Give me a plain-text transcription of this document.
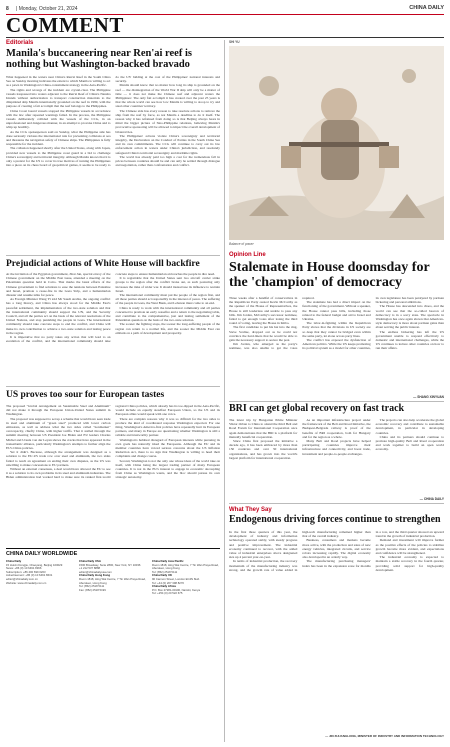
8 | Monday, October 21, 2024	CHINA DAILY
COMMENT
Editorials
Manila's buccaneering near Ren'ai reef is nothing but Washington-backed bravado

What happened in the waters near China's Ren'ai Reef in the South China Sea on Sunday morning indicates the extent to which Manila is willing to act as a pawn in Washington's China-containment strategy in the Asia-Pacific.

The rights and wrongs of the incident are crystal-clear. The Philippine vessels trespassed into waters adjacent to the Ren'ai Reef of China's Nansha Islands without authorization to transport construction materials to the dilapidated ship Manila intentionally grounded on the reef in 1999, with the purpose of creating a fait accompli that the reef belongs to the Philippines.

China Coast Guard vessels stopped the Philippine vessels in accordance with the law after repeated warnings failed. In the process, the Philippine vessels deliberately collided with the vessels of the CCG, in an unprofessional and dangerous manner, in an attempt to provoke China and to whip up hostility.

As the CCG spokesperson said on Sunday, what the Philippine side has done seriously violates the international rule for preventing collisions at sea and threatens the navigation safety of Chinese ships. The Philippines is fully responsible for the incident.

The collusion happened shortly after the United States, along with Japan, provided new vessels to the Philippine coast guard in a bid to challenge China's sovereignty and territorial integrity. Although Manila knows that it is only a pretext for the US to cover its true motives of turning the Philippines into a piece on its chess board of geopolitical games, it seems to be ready to do the US' bidding at the cost of the Philippines' national interests and security.

Manila should know that no matter how long its ship is grounded on the reef — the disintegration of the World War II ship will only be a matter of time — it does not make the Chinese reef and adjacent waters the Philippines'. The only fait accompli it has created over the past 25 years is that the whole world can see how low Manila is willing to stoop to try and steal other countries' territory.

The Chinese side has every reason to take resolute actions to remove the ship from the reef by force, as not Manila a deadline to do it itself. The reason why it has refrained from doing so is that Beijing always bears in mind the bigger picture of Sino-Philippine relations, believing Manila's provocative sponsoring will be allowed to impact the overall development of bilateral ties.

The Philippines' actions violate China's sovereignty and territorial integrity, the Declaration on the Conduct of Parties in the South China Sea and its own commitments. The CCG will continue to carry out its law enforcement action in waters under China's jurisdiction, and resolutely safeguard China's territorial sovereignty and maritime rights.

The world has already paid too high a cost for the tremendous fall in prices between countries should be and can only be settled through dialogue and negotiation, rather than confrontation and conflict.

Prejudicial actions of White House will backfire

At the invitation of the Egyptian government, Zhai Jun, special envoy of the Chinese government on the Middle East issue, attended a meeting on the Palestinian question held in Cairo. That marks the latest efforts of the Chinese government to find solutions to ease the tensions between Palestine and Israel, promote a cease-fire in the Gaza Strip, and a humanitarian disaster and resume talks for peace.

As Foreign Minister Wang Yi told Mr Saudi Arabia, the ongoing conflict has a long history, and China has always stood for the Middle East's peaceful settlement, the implementation of the two-state solution and that the international community should support the UN, and the Security Council, and all the parties act on the basis of the relevant resolutions of the United Nations, and stop punishing the people in Gaza. The international community should take concrete steps to end the conflict, and China will make its own contribution to achieve a two-state solution and lasting peace in the region.

It is imperative that no party takes any action that will lead to an escalation of the conflict, and the international community should take concrete steps to ensure humanitarian aid reaches the people in dire need.

It is regrettable that the United States sent two aircraft carrier strike groups to the region after the conflict broke out, as such posturing only increases the risks of wider war. It should instead use its influence to restrain Israel.

The international community must put the people of the region first, and all those parties should act responsibly in the interest of peace. The suffering of the people in Gaza, the West Bank, and Lebanon must come to an end.

China is ready to work with the international community and all parties concerned to promote an early ceasefire and a return to the negotiating table, and contribute to the comprehensive, just and lasting settlement of the Palestinian question on the basis of the two-state solution.

The sooner the fighting stops, the sooner the long-suffering people of the region can return to a normal life, and the sooner the Middle East can embark on a path of development and prosperity.

US proves too sour for European tastes

The proposed "Global Arrangement on Sustainable Steel and Aluminum" did not make it through the European Union-United States summit in Washington.

The proposal was supposed to set up a scheme that would have seen trade in steel and aluminum of "green steel" produced with lower carbon emissions, as well as address what the two sides called "nonmarket" overcapacity, chiefly China, with higher tariffs. That it stalled through the summit meeting between US President Joe Biden and EU leaders Charles Michel and Ursula von der Leyen shows the cracks that have appeared in the transatlantic alliance, particularly Washington's attempts to further align the EU's China policies.

Yet it didn't. Because, although the arrangement was designed as a solution to the EU-US trade row over steel and aluminum, the two sides failed to reach an agreement on ending their own disputes, as the US was unwilling to make concessions to EU partners.

Without an external consensus, a deal would have allowed the EU to see it as a solution to its own problems in its steel and aluminum industries. The Biden administration had worked hard to make sure its ranked first-world regional China policies, which already has its toe-dipped in the Asia-Pacific, would include an equally steadfast European Union, so the US and its European allies would speak with one voice.

There are complex reasons why it was so difficult for the two sides to produce the kind of coordinated response Washington expected. For one thing, Washington's America-first policies have repeatedly hurt its European partners, and many in Europe are questioning whether Washington is still a reliable and trustworthy partner.

Washington's habitual disregard of European interests while pursuing its own goals has naturally irked the Europeans. Although the EU and its member countries have voiced serious concerns about the US Inflation Reduction Act, there is no sign that Washington is willing to heed their complaints and change course.

Second, Washington is not the only one whose ideas of the world take on itself, with China being the largest trading partner of many European countries. It is not in the EU's interest to engage in economic decoupling from China as Washington wants, and the bloc should pursue its own strategic autonomy.

CHINA DAILY WORLDWIDE
China Daily
15 Huixin Dongjie, Chaoyang, Beijing 100029
News: +86 (0) 10 6491 8366
Subscription: +86 400 699 0203
Advertisement: +86 (0) 10 6491 8631
editor@chinadaily.com.cn
Website: www.chinadaily.com.cn
China Daily USA
1500 Broadway, Suite 2800, New York, NY 10036
+1 212 537 8888
editor@chinadailyusa.com
China Daily Hong Kong
Room 1818, Hing Wai Centre, 7 Tin Wan Praya Road, Aberdeen, Hong Kong
Tel: (852) 2518 5111
Fax: (852) 2518 5199
China Daily Asia Pacific
Room 1818, Hing Wai Centre, 7 Tin Wan Praya Road, Aberdeen, Hong Kong
Tel: (852) 2518 5111
China Daily UK
90 Cannon Street, London EC4N 6HA
Tel: +44 (0) 207 398 8270
China Daily Africa
P.O. Box 27281-00100, Nairobi, Kenya
Tel: +254 (0) 20 522 675
SHI YU
Balance of power
Opinion Line
Stalemate in House doomsday for the 'champion' of democracy

Three weeks after a handful of conservatives in the Republican Party ousted Kevin McCarthy as the speaker of the House of Representatives, the House is still leaderless and unable to pass any bills. Jim Jordan, McCarthy's successor nominee, failed to get enough votes after losing the third round of voting, leaving the House in limbo.

The first candidate to put his hat into the ring, Steve Scalise, dropped out as he could not convince the hard-liners that he would be able to gain the necessary support to secure the post.

Jim Jordan, who emerged as the party's nominee, was also unable to get the votes required.

The stalemate has had a direct impact on the functioning of the government. Without a speaker, the House cannot pass bills, including those related to the federal budget and aid to Israel and Ukraine.

The labor-in-fighting within the Republican Party shows that the divisions in US society are so deep that they cannot be bridged even within the same party, let alone across party lines.

The conflict has exposed the dysfunction of American politics. While the US keeps promoting its political system as a model for other countries, its own legislature has been paralyzed by partisan bickering and personal ambitions.

The House has descended into chaos, and the world can see that the so-called beacon of democracy is in a sorry state. The spectacle in Washington has once again shown that American-style democracy is more about partisan gains than about serving the public interest.

The endless bickering has left the US government unable to respond effectively to domestic and international challenges, while the US continues to lecture other countries on how to run their affairs.

— SHANG XINYUAN
BRI can get global recovery on fast track

The latest trip by Hungarian Prime Minister Viktor Orban to China to attend the third Belt and Road Forum for International Cooperation once again demonstrates that the BRI is a platform for mutually beneficial cooperation.

Since China first proposed the initiative a decade ago, it has been embraced by more than 150 countries and over 30 international organizations, and has grown into the world's largest platform for international cooperation.

As an important infrastructure project under the framework of the Belt and Road Initiative, the Budapest-Belgrade railway is proof of the benefits of BRI cooperation, both for Hungary and for the region as a whole.

Many Belt and Road projects have helped participating countries improve their infrastructure and connectivity, and boost trade, investment and people-to-people exchanges.

The projects can also help accelerate the global economic recovery and contribute to sustainable development, in particular in developing countries.

China and its partners should continue to promote high-quality Belt and Road cooperation and work together to build an open world economy.

— CHINA DAILY
What They Say
Endogenous driving forces continue to strengthen

In the first three quarters of this year, the development of industry and information technology operated stably, with steady progress and positive improvement. The industrial economy continued to recover, with the added value of industrial enterprises above designated size up 4 percent year-on-year.

In terms of industrial production, the recovery momentum of the manufacturing industry was strong, and the growth rate of value added in high-tech manufacturing remained higher than that of the overall industry.

Business, consumers and markets became more active, with the production and sales of new energy vehicles, integrated circuits, and service robots increasing rapidly. The digital economy also developed in an orderly way.

The manufacturing purchasing managers' index has been in the expansion zone for months in a row, and the third quarter showed an upward trend in the growth of industrial production.

Demand and investment will improve further as the positive effects of the policies to stabilize growth become more evident, and expectations and confidence will be strengthened.

The industrial economy is expected to maintain a stable recovery in the fourth quarter, providing solid support for high-quality development.

— JIN ZHUANGLONG, MINISTER OF INDUSTRY AND INFORMATION TECHNOLOGY
